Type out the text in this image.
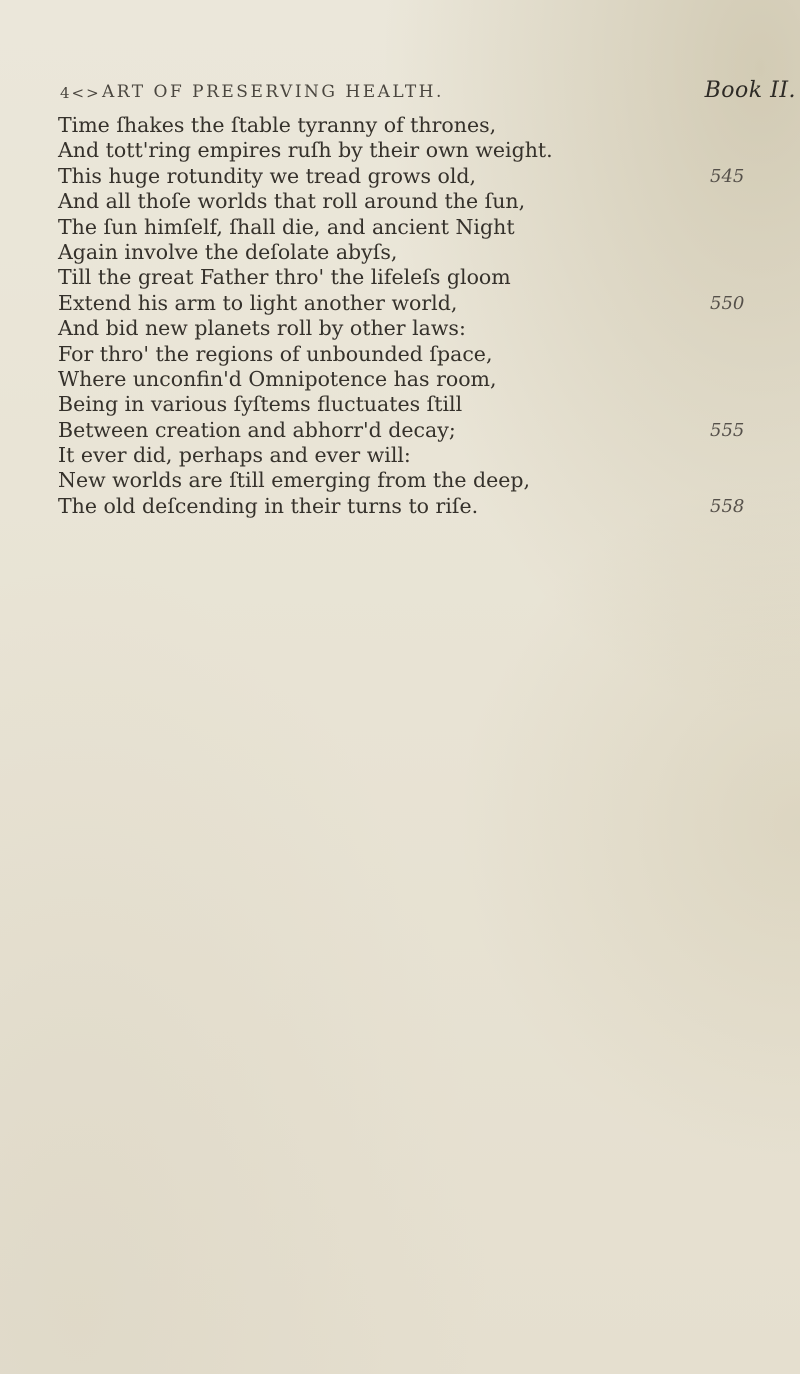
4<> ART OF PRESERVING HEALTH.	Book II.
Time ſhakes the ſtable tyranny of thrones,
And tott'ring empires ruſh by their own weight.
This huge rotundity we tread grows old,	545
And all thoſe worlds that roll around the ſun,
The ſun himſelf, ſhall die, and ancient Night
Again involve the deſolate abyſs,
Till the great Father thro' the lifeleſs gloom
Extend his arm to light another world,	550
And bid new planets roll by other laws:
For thro' the regions of unbounded ſpace,
Where unconfin'd Omnipotence has room,
Being in various ſyſtems fluctuates ſtill
Between creation and abhorr'd decay;	555
It ever did, perhaps and ever will:
New worlds are ſtill emerging from the deep,
The old deſcending in their turns to riſe.	558
